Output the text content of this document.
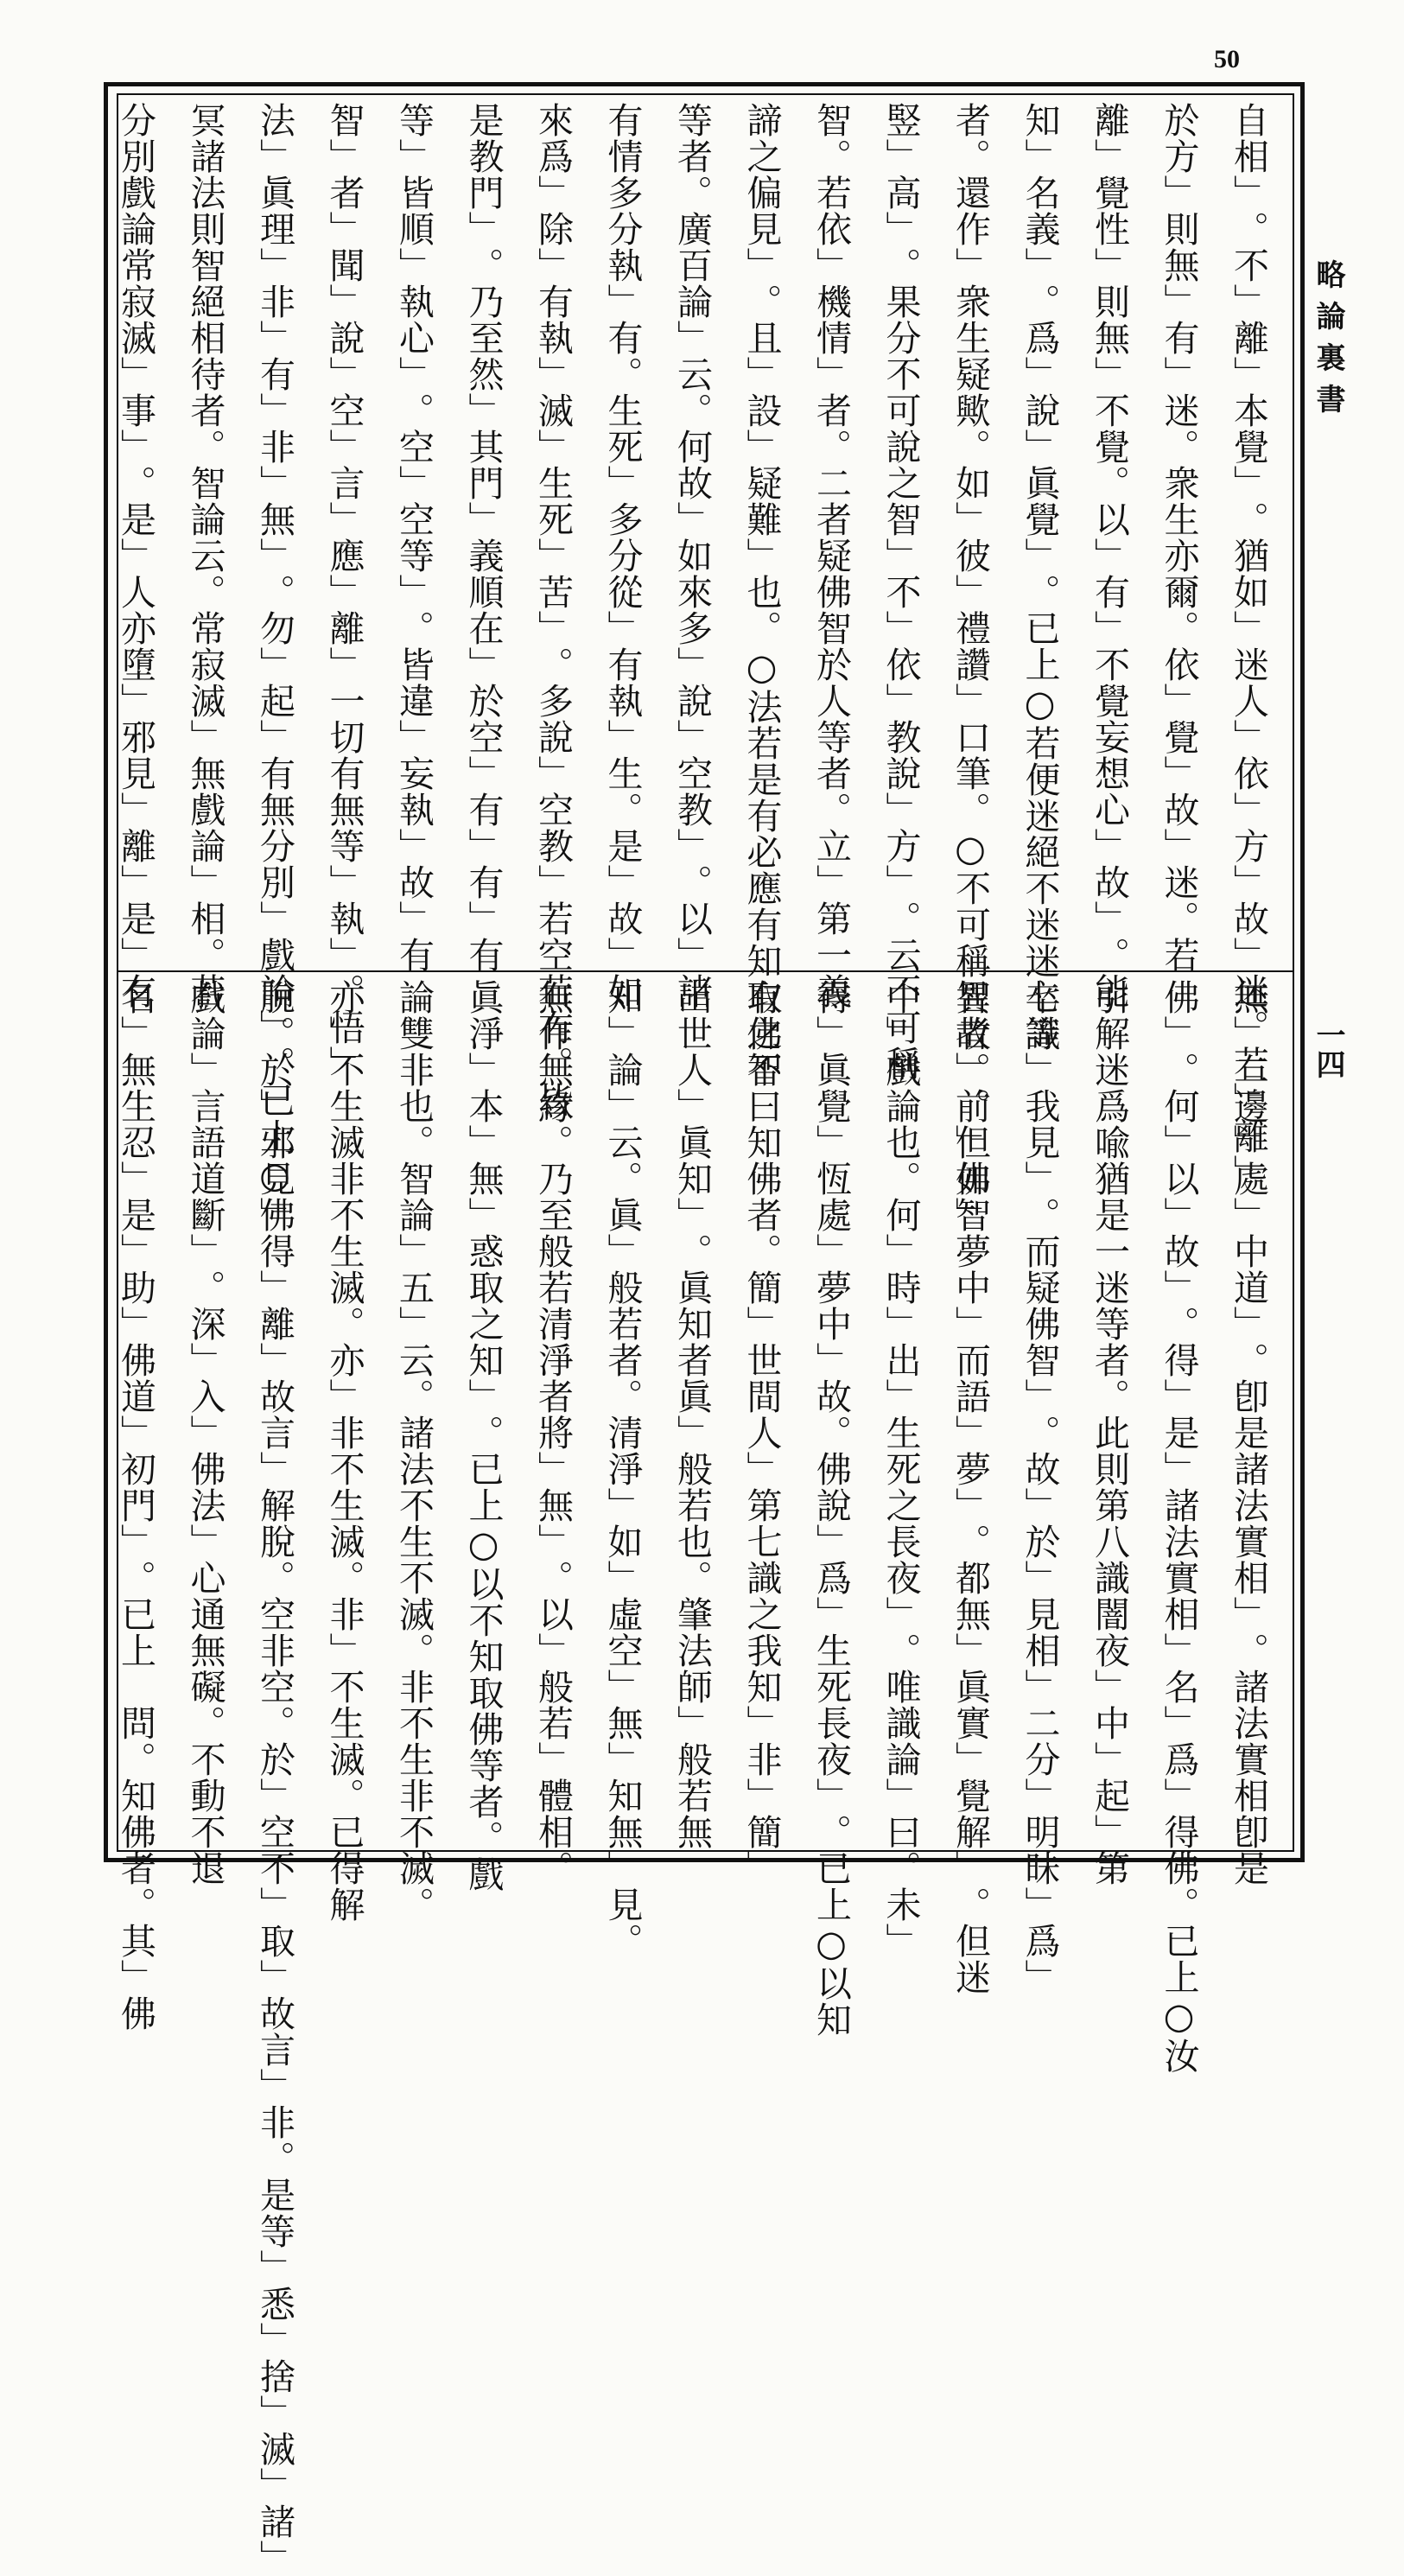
50
略論裏書
一四
自相﹂。不﹂離﹂本覺﹂。猶如﹂迷人﹂依﹂方﹂故﹂迷。若﹂離﹂
於方﹂則無﹂有﹂迷。衆生亦爾。依﹂覺﹂故﹂迷。若
離﹂覺性﹂則無﹂不覺。以﹂有﹂不覺妄想心﹂故﹂。能
知﹂名義﹂。爲﹂說﹂眞覺﹂。已上○若便迷絕不迷迷卒等
者。還作﹂衆生疑歟。如﹂彼﹂禮讚﹂口筆。○不可稱智者。前﹂佛智
竪﹂高﹂。果分不可說之智﹂不﹂依﹂教說﹂方﹂。云不可稱
智。若依﹂機情﹂者。二者疑佛智於人等者。立﹂第一義
諦之偏見﹂。且﹂設﹂疑難﹂也。○法若是有必應有知有之智
等者。廣百論﹂云。何故﹂如來多﹂說﹂空教﹂。以﹂諸
有情多分執﹂有。生死﹂多分從﹂有執﹂生。是﹂故﹂如
來爲﹂除﹂有執﹂滅﹂生死﹂苦﹂。多說﹂空教﹂若空若有。皆
是教門﹂。乃至然﹂其門﹂義順在﹂於空﹂有﹂有﹂有
等﹂皆順﹂執心﹂。空﹂空等﹂。皆違﹂妄執﹂故﹂有
智﹂者﹂聞﹂說﹂空﹂言﹂應﹂離﹂一切有無等﹂執﹂。悟﹂
法﹂眞理﹂非﹂有﹂非﹂無﹂。勿﹂起﹂有無分別﹂戲論﹂。已上○佛
冥諸法則智絕相待者。智論云。常寂滅﹂無戲論﹂相。若
分別戲論常寂滅﹂事﹂。是﹂人亦墮﹂邪見﹂離﹂是﹂有
無﹂二邊﹂處﹂中道﹂。卽是諸法實相﹂。諸法實相卽是
佛﹂。何﹂以﹂故﹂。得﹂是﹂諸法實相﹂名﹂爲﹂得佛。已上○汝
引解迷爲喩猶是一迷等者。此則第八識闇夜﹂中﹂起﹂第
七識﹂我見﹂。而疑佛智﹂。故﹂於﹂見相﹂二分﹂明昧﹂爲﹂
異故﹂。但如﹂夢中﹂而語﹂夢﹂。都無﹂眞實﹂覺解﹂。但迷
中﹂戲論也。何﹂時﹂出﹂生死之長夜﹂。唯識論﹂曰。未﹂
得﹂眞覺﹂恆處﹂夢中﹂故。佛說﹂爲﹂生死長夜﹂。已上○以知
取佛不曰知佛者。簡﹂世間人﹂第七識之我知﹂非﹂簡﹂
出世人﹂眞知﹂。眞知者眞﹂般若也。肇法師﹂般若無
知﹂論﹂云。眞﹂般若者。清淨﹂如﹂虛空﹂無﹂知無﹂見。
無作無緣。乃至般若清淨者將﹂無﹂。以﹂般若﹂體相。
眞淨﹂本﹂無﹂惑取之知﹂。已上○以不知取佛等者。戲
論雙非也。智論﹂五﹂云。諸法不生不滅。非不生非不滅。
亦﹂不生滅非不生滅。亦﹂非不生滅。非﹂不生滅。已得解
脫。於﹂邪見﹂得﹂離﹂故言﹂解脫。空非空。於﹂空不﹂取﹂故言﹂非。是等﹂悉﹂捨﹂滅﹂諸﹂
戲論﹂言語道斷﹂。深﹂入﹂佛法﹂心通無礙。不動不退
名﹂無生忍﹂是﹂助﹂佛道﹂初門﹂。已上　問。知佛者。其﹂佛
